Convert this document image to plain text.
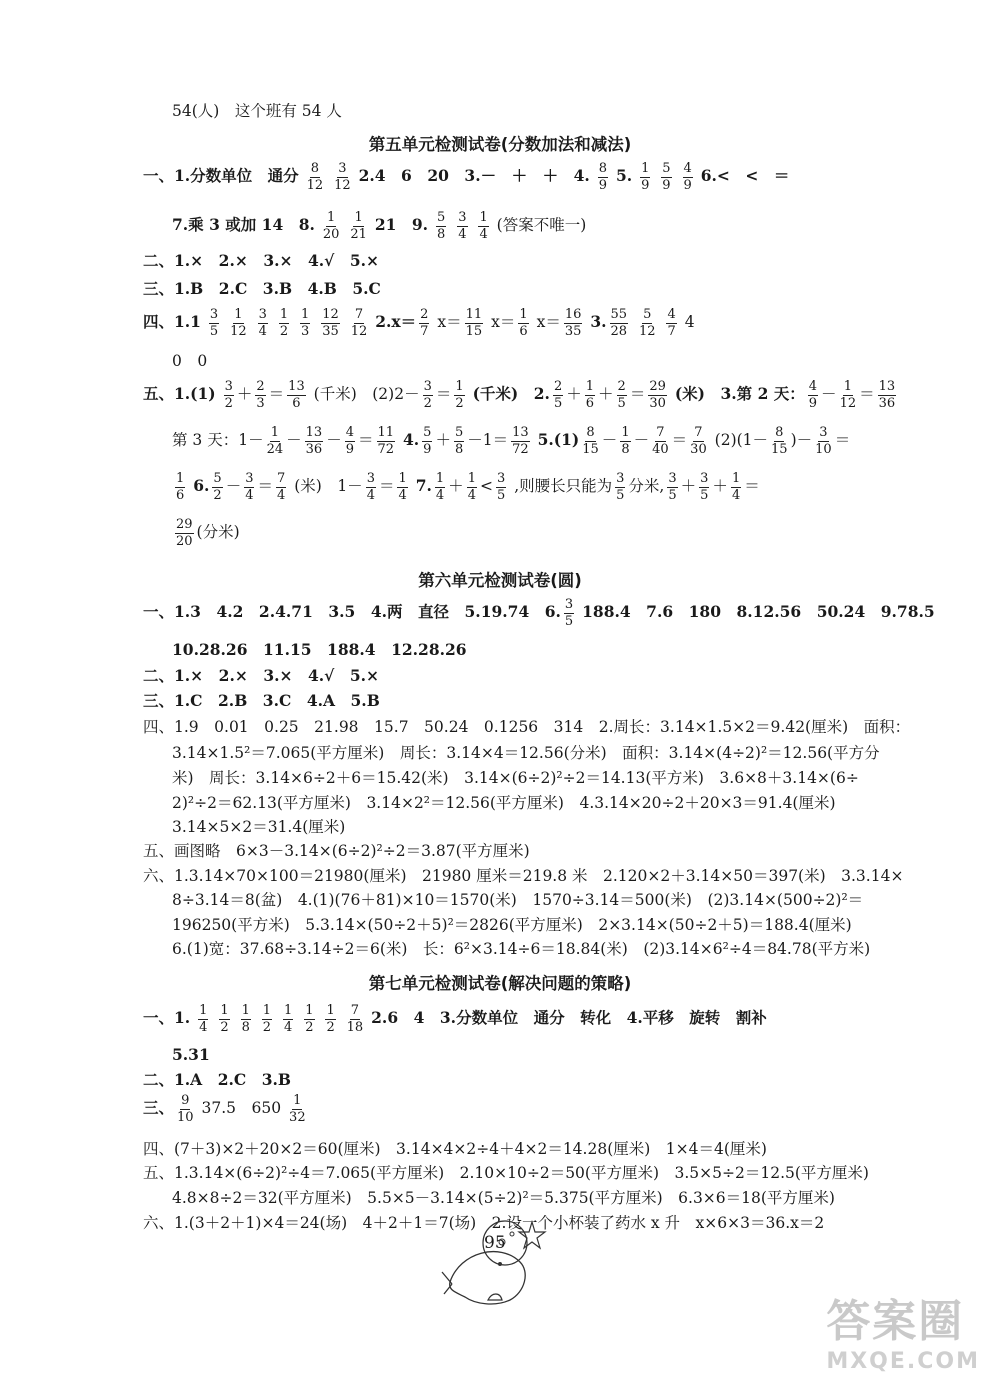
54(人)　这个班有 54 人
第五单元检测试卷(分数加法和减法)
一、1.分数单位　通分 $\frac{8}{12}$
$\frac{3}{12} 2.4$　6　20　3.－　＋　＋　4. $\frac{8}{9} 5$. $\frac{1}{9}$
$\frac{5}{9}$
$\frac{4}{9} 6.<$　<　＝
7.乘 3 或加 14　8. $\frac{1}{20}$
$\frac{1}{21} 21$　9. $\frac{5}{8}$
$\frac{3}{4}$
$\frac{1}{4}$ (答案不唯一)
二、1.×　2.×　3.×　4.√　5.×
三、1.B　2.C　3.B　4.B　5.C
四、$1.1 \frac{3}{5}$
$\frac{1}{12}$
$\frac{3}{4}$
$\frac{1}{2}$
$\frac{1}{3}$
$\frac{12}{35}$
$\frac{7}{12} 2.x= \frac{2}{7} x= \frac{11}{15} x= \frac{1}{6} x= \frac{16}{35} 3$. $\frac{55}{28}$
$\frac{5}{12}$
$\frac{4}{7} 4$
0　0
五、$1.(1) \frac{3}{2} + \frac{2}{3} = \frac{13}{6}$ (千米)　$(2)2- \frac{3}{2} = \frac{1}{2}$ (千米)　2. $\frac{2}{5} + \frac{1}{6} + \frac{2}{5} = \frac{29}{30}$ (米)　3.第 2 天： $\frac{4}{9} - \frac{1}{12} = \frac{13}{36}$
第 3 天：$1- \frac{1}{24} - \frac{13}{36} - \frac{4}{9} = \frac{11}{72} 4$. $\frac{5}{9} + \frac{5}{8} -1= \frac{13}{72} 5.(1) \frac{8}{15} - \frac{1}{8} - \frac{7}{40} = \frac{7}{30} (2)(1- \frac{8}{15}$ )－ $\frac{3}{10}$ ＝
$\frac{1}{6} 6$. $\frac{5}{2} - \frac{3}{4} = \frac{7}{4}$ (米)　$1- \frac{3}{4} = \frac{1}{4} 7$. $\frac{1}{4} + \frac{1}{4} < \frac{3}{5}$ ,则腰长只能为 $\frac{3}{5}$ 分米, $\frac{3}{5} + \frac{3}{5} + \frac{1}{4}$ ＝
$\frac{29}{20}$ (分米)
第六单元检测试卷(圆)
一、1.3　4.2　2.4.71　3.5　4.两　直径　5.19.74　6. $\frac{3}{5} 188.4$　7.6　180　8.12.56　50.24　9.78.5
10.28.26　11.15　188.4　12.28.26
二、1.×　2.×　3.×　4.√　5.×
三、1.C　2.B　3.C　4.A　5.B
四、1.9　0.01　0.25　21.98　15.7　50.24　0.1256　314　2.周长：3.14×1.5×2＝9.42(厘米)　面积：
3.14×1.5²＝7.065(平方厘米)　周长：3.14×4＝12.56(分米)　面积：3.14×(4÷2)²＝12.56(平方分
米)　周长：3.14×6÷2＋6＝15.42(米)　3.14×(6÷2)²÷2＝14.13(平方米)　3.6×8＋3.14×(6÷
2)²÷2＝62.13(平方厘米)　3.14×2²＝12.56(平方厘米)　4.3.14×20÷2＋20×3＝91.4(厘米)
3.14×5×2＝31.4(厘米)
五、画图略　6×3－3.14×(6÷2)²÷2＝3.87(平方厘米)
六、1.3.14×70×100＝21980(厘米)　21980 厘米＝219.8 米　2.120×2＋3.14×50＝397(米)　3.3.14×
8÷3.14＝8(盆)　4.(1)(76＋81)×10＝1570(米)　1570÷3.14＝500(米)　(2)3.14×(500÷2)²＝
196250(平方米)　5.3.14×(50÷2＋5)²＝2826(平方厘米)　2×3.14×(50÷2＋5)＝188.4(厘米)
6.(1)宽：37.68÷3.14÷2＝6(米)　长：6²×3.14÷6＝18.84(米)　(2)3.14×6²÷4＝84.78(平方米)
第七单元检测试卷(解决问题的策略)
一、1. $\frac{1}{4}$
$\frac{1}{2}$
$\frac{1}{8}$
$\frac{1}{2}$
$\frac{1}{4}$
$\frac{1}{2}$
$\frac{1}{2}$
$\frac{7}{18} 2.6$　4　3.分数单位　通分　转化　4.平移　旋转　割补
5.31
二、1.A　2.C　3.B
三、 $\frac{9}{10} 37.5$　$650 \frac{1}{32}$
四、(7＋3)×2＋20×2＝60(厘米)　3.14×4×2÷4＋4×2＝14.28(厘米)　1×4＝4(厘米)
五、1.3.14×(6÷2)²÷4＝7.065(平方厘米)　2.10×10÷2＝50(平方厘米)　3.5×5÷2＝12.5(平方厘米)
4.8×8÷2＝32(平方厘米)　5.5×5－3.14×(5÷2)²＝5.375(平方厘米)　6.3×6＝18(平方厘米)
六、1.(3＋2＋1)×4＝24(场)　4＋2＋1＝7(场)　2.设一个小杯装了药水 x 升　x×6×3＝36.x＝2
95
答案圈
MXQE.COM
